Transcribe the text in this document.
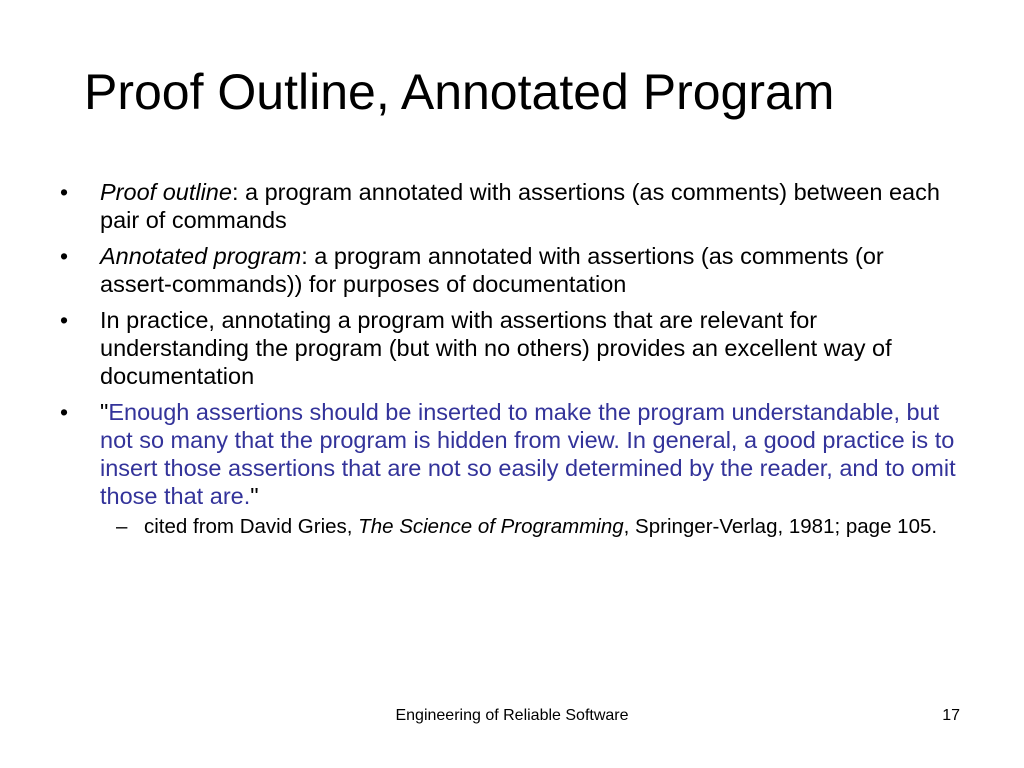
Proof Outline, Annotated Program
•	Proof outline: a program annotated with assertions (as comments) between each pair of commands
•	Annotated program: a program annotated with assertions (as comments (or assert-commands)) for purposes of documentation
•	In practice, annotating a program with assertions that are relevant for understanding the program (but with no others) provides an excellent way of documentation
•	"Enough assertions should be inserted to make the program understandable, but not so many that the program is hidden from view. In general, a good practice is to insert those assertions that are not so easily determined by the reader, and to omit those that are."
– cited from David Gries, The Science of Programming, Springer-Verlag, 1981; page 105.
Engineering of Reliable Software	17
